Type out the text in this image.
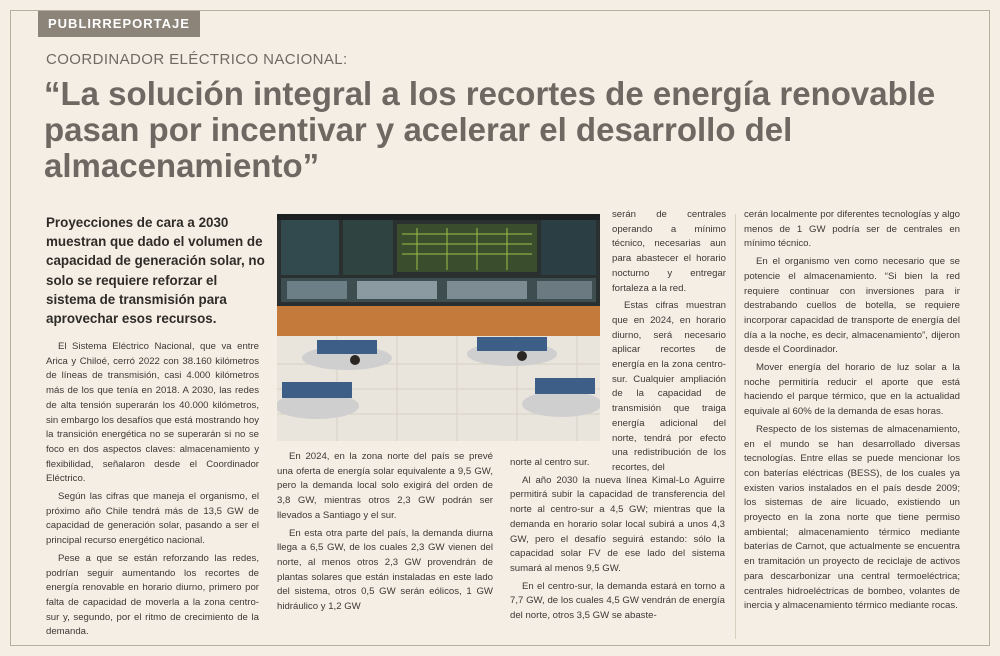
PUBLIRREPORTAJE
COORDINADOR ELÉCTRICO NACIONAL:
“La solución integral a los recortes de energía renovable pasan por incentivar y acelerar el desarrollo del almacenamiento”

Proyecciones de cara a 2030 muestran que dado el volumen de capacidad de generación solar, no solo se requiere reforzar el sistema de transmisión para aprovechar esos recursos.

El Sistema Eléctrico Nacional, que va entre Arica y Chiloé, cerró 2022 con 38.160 kilómetros de líneas de transmisión, casi 4.000 kilómetros más de los que tenía en 2018. A 2030, las redes de alta tensión superarán los 40.000 kilómetros, sin embargo los desafíos que está mostrando hoy la transición energética no se superarán si no se foco en dos aspectos claves: almacenamiento y flexibilidad, señalaron desde el Coordinador Eléctrico.

Según las cifras que maneja el organismo, el próximo año Chile tendrá más de 13,5 GW de capacidad de generación solar, pasando a ser el principal recurso energético nacional.

Pese a que se están reforzando las redes, podrían seguir aumentando los recortes de energía renovable en horario diurno, primero por falta de capacidad de moverla a la zona centro-sur y, segundo, por el ritmo de crecimiento de la demanda.

En 2024, en la zona norte del país se prevé una oferta de energía solar equivalente a 9,5 GW, pero la demanda local solo exigirá del orden de 3,8 GW, mientras otros 2,3 GW podrán ser llevados a Santiago y el sur.

En esta otra parte del país, la demanda diurna llega a 6,5 GW, de los cuales 2,3 GW vienen del norte, al menos otros 2,3 GW provendrán de plantas solares que están instaladas en este lado del sistema, otros 0,5 GW serán eólicos, 1 GW hidráulico y 1,2 GW

serán de centrales operando a mínimo técnico, necesarias aun para abastecer el horario nocturno y entregar fortaleza a la red.

Estas cifras muestran que en 2024, en horario diurno, será necesario aplicar recortes de energía en la zona centro-sur. Cualquier ampliación de la capacidad de transmisión que traiga energía adicional del norte, tendrá por efecto una redistribución de los recortes, del

norte al centro sur.

Al año 2030 la nueva línea Kimal-Lo Aguirre permitirá subir la capacidad de transferencia del norte al centro-sur a 4,5 GW; mientras que la demanda en horario solar local subirá a unos 4,3 GW, pero el desafío seguirá estando: sólo la capacidad solar FV de ese lado del sistema sumará al menos 9,5 GW.

En el centro-sur, la demanda estará en torno a 7,7 GW, de los cuales 4,5 GW vendrán de energía del norte, otros 3,5 GW se abaste-

cerán localmente por diferentes tecnologías y algo menos de 1 GW podría ser de centrales en mínimo técnico.

En el organismo ven como necesario que se potencie el almacenamiento. “Si bien la red requiere continuar con inversiones para ir destrabando cuellos de botella, se requiere incorporar capacidad de transporte de energía del día a la noche, es decir, almacenamiento”, dijeron desde el Coordinador.

Mover energía del horario de luz solar a la noche permitiría reducir el aporte que está haciendo el parque térmico, que en la actualidad equivale al 60% de la demanda de esas horas.

Respecto de los sistemas de almacenamiento, en el mundo se han desarrollado diversas tecnologías. Entre ellas se puede mencionar los con baterías eléctricas (BESS), de los cuales ya existen varios instalados en el país desde 2009; los sistemas de aire licuado, existiendo un proyecto en la zona norte que tiene permiso ambiental; almacenamiento térmico mediante baterías de Carnot, que actualmente se encuentra en tramitación un proyecto de reciclaje de activos para descarbonizar una central termoeléctrica; centrales hidroeléctricas de bombeo, volantes de inercia y almacenamiento térmico mediante rocas.
